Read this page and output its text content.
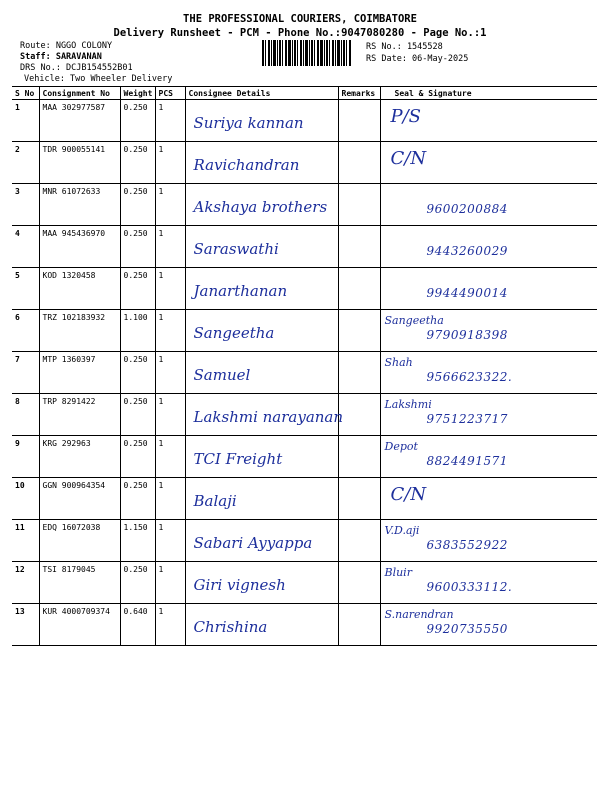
THE PROFESSIONAL COURIERS, COIMBATORE
Delivery Runsheet - PCM - Phone No.:9047080280 - Page No.:1
Route: NGGO COLONY
Staff: SARAVANAN
DRS No.: DCJB154552B01
Vehicle: Two Wheeler Delivery
RS No.: 1545528
RS Date: 06-May-2025
S No	Consignment No	Weight	PCS	Consignee Details	Remarks	Seal & Signature
1	MAA 302977587	0.250	1	Suriya kannan		P/S

2	TDR 900055141	0.250	1	Ravichandran		C/N

3	MNR 61072633	0.250	1	Akshaya brothers		9600200884

4	MAA 945436970	0.250	1	Saraswathi		9443260029

5	KOD 1320458	0.250	1	Janarthanan		9944490014

6	TRZ 102183932	1.100	1	Sangeetha		Sangeetha
9790918398

7	MTP 1360397	0.250	1	Samuel		Shah
9566623322.

8	TRP 8291422	0.250	1	Lakshmi narayanan		Lakshmi
9751223717

9	KRG 292963	0.250	1	TCI Freight		Depot
8824491571

10	GGN 900964354	0.250	1	Balaji		C/N

11	EDQ 16072038	1.150	1	Sabari Ayyappa		V.D.aji
6383552922

12	TSI 8179045	0.250	1	Giri vignesh		Bluir
9600333112.

13	KUR 4000709374	0.640	1	Chrishina		S.narendran
9920735550
